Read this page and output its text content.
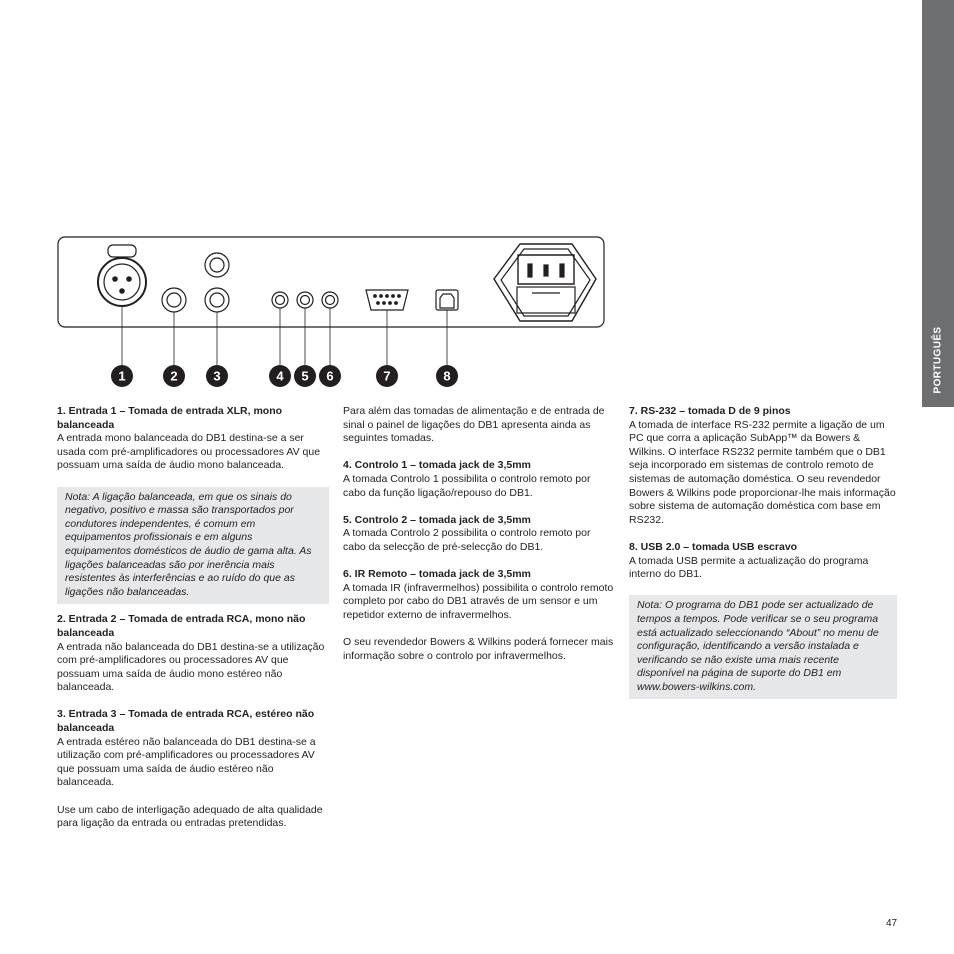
PORTUGUÊS
1	2	3	4 5 6	7	8

1. Entrada 1 – Tomada de entrada XLR, mono balanceada
A entrada mono balanceada do DB1 destina-se a ser usada com pré-amplificadores ou processadores AV que possuam uma saída de áudio mono balanceada.

Nota: A ligação balanceada, em que os sinais do negativo, positivo e massa são transportados por condutores independentes, é comum em equipamentos profissionais e em alguns equipamentos domésticos de áudio de gama alta. As ligações balanceadas são por inerência mais resistentes às interferências e ao ruído do que as ligações não balanceadas.

2. Entrada 2 – Tomada de entrada RCA, mono não balanceada
A entrada não balanceada do DB1 destina-se a utilização com pré-amplificadores ou processadores AV que possuam uma saída de áudio mono estéreo não balanceada.

3. Entrada 3 – Tomada de entrada RCA, estéreo não balanceada
A entrada estéreo não balanceada do DB1 destina-se a utilização com pré-amplificadores ou processadores AV que possuam uma saída de áudio estéreo não balanceada.

Use um cabo de interligação adequado de alta qualidade para ligação da entrada ou entradas pretendidas.

Para além das tomadas de alimentação e de entrada de sinal o painel de ligações do DB1 apresenta ainda as seguintes tomadas.

4. Controlo 1 – tomada jack de 3,5mm
A tomada Controlo 1 possibilita o controlo remoto por cabo da função ligação/repouso do DB1.

5. Controlo 2 – tomada jack de 3,5mm
A tomada Controlo 2 possibilita o controlo remoto por cabo da selecção de pré-selecção do DB1.

6. IR Remoto – tomada jack de 3,5mm
A tomada IR (infravermelhos) possibilita o controlo remoto completo por cabo do DB1 através de um sensor e um repetidor externo de infravermelhos.

O seu revendedor Bowers & Wilkins poderá fornecer mais informação sobre o controlo por infravermelhos.

7. RS-232 – tomada D de 9 pinos
A tomada de interface RS-232 permite a ligação de um PC que corra a aplicação SubApp™ da Bowers & Wilkins. O interface RS232 permite também que o DB1 seja incorporado em sistemas de controlo remoto de sistemas de automação doméstica. O seu revendedor Bowers & Wilkins pode proporcionar-lhe mais informação sobre sistema de automação doméstica com base em RS232.

8. USB 2.0 – tomada USB escravo
A tomada USB permite a actualização do programa interno do DB1.

Nota: O programa do DB1 pode ser actualizado de tempos a tempos. Pode verificar se o seu programa está actualizado seleccionando “About” no menu de configuração, identificando a versão instalada e verificando se não existe uma mais recente disponível na página de suporte do DB1 em www.bowers-wilkins.com.
47
